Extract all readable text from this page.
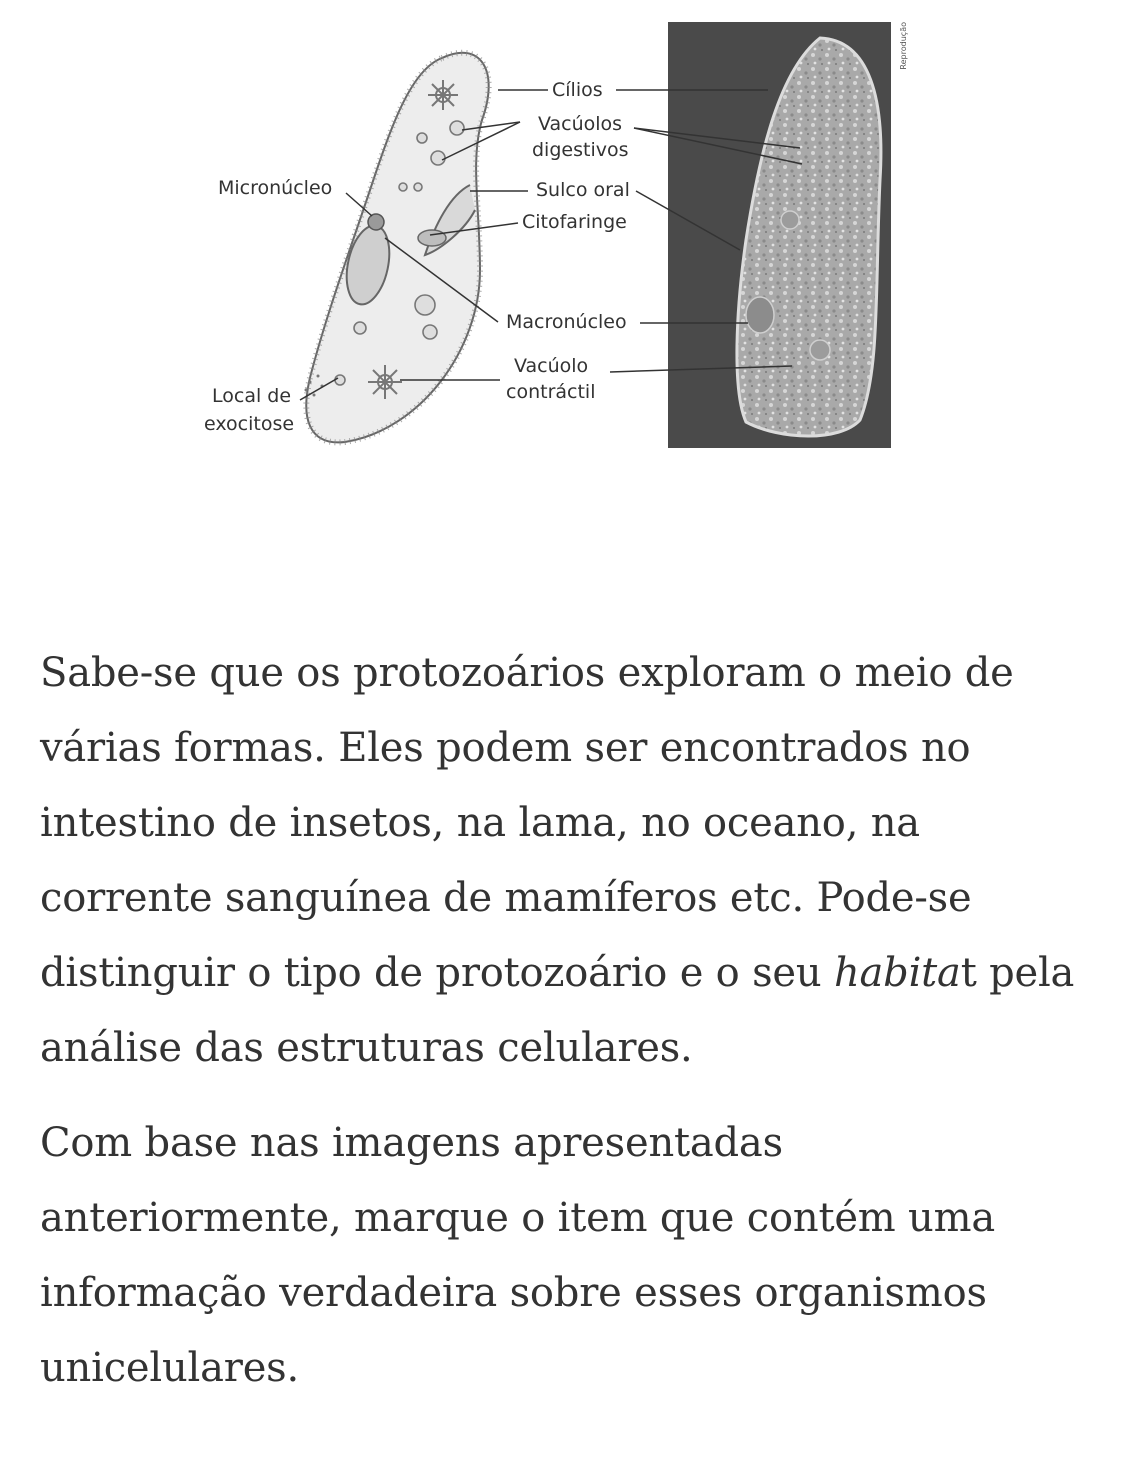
Reprodução
Cílios
Vacúolos
digestivos
Micronúcleo	Sulco oral
Citofaringe
Macronúcleo
Vacúolo
contráctil
Local de
exocitose

Sabe-se que os protozoários exploram o meio de
várias formas. Eles podem ser encontrados no
intestino de insetos, na lama, no oceano, na
corrente sanguínea de mamíferos etc. Pode-se
distinguir o tipo de protozoário e o seu habitat pela
análise das estruturas celulares.

Com base nas imagens apresentadas
anteriormente, marque o item que contém uma
informação verdadeira sobre esses organismos
unicelulares.
